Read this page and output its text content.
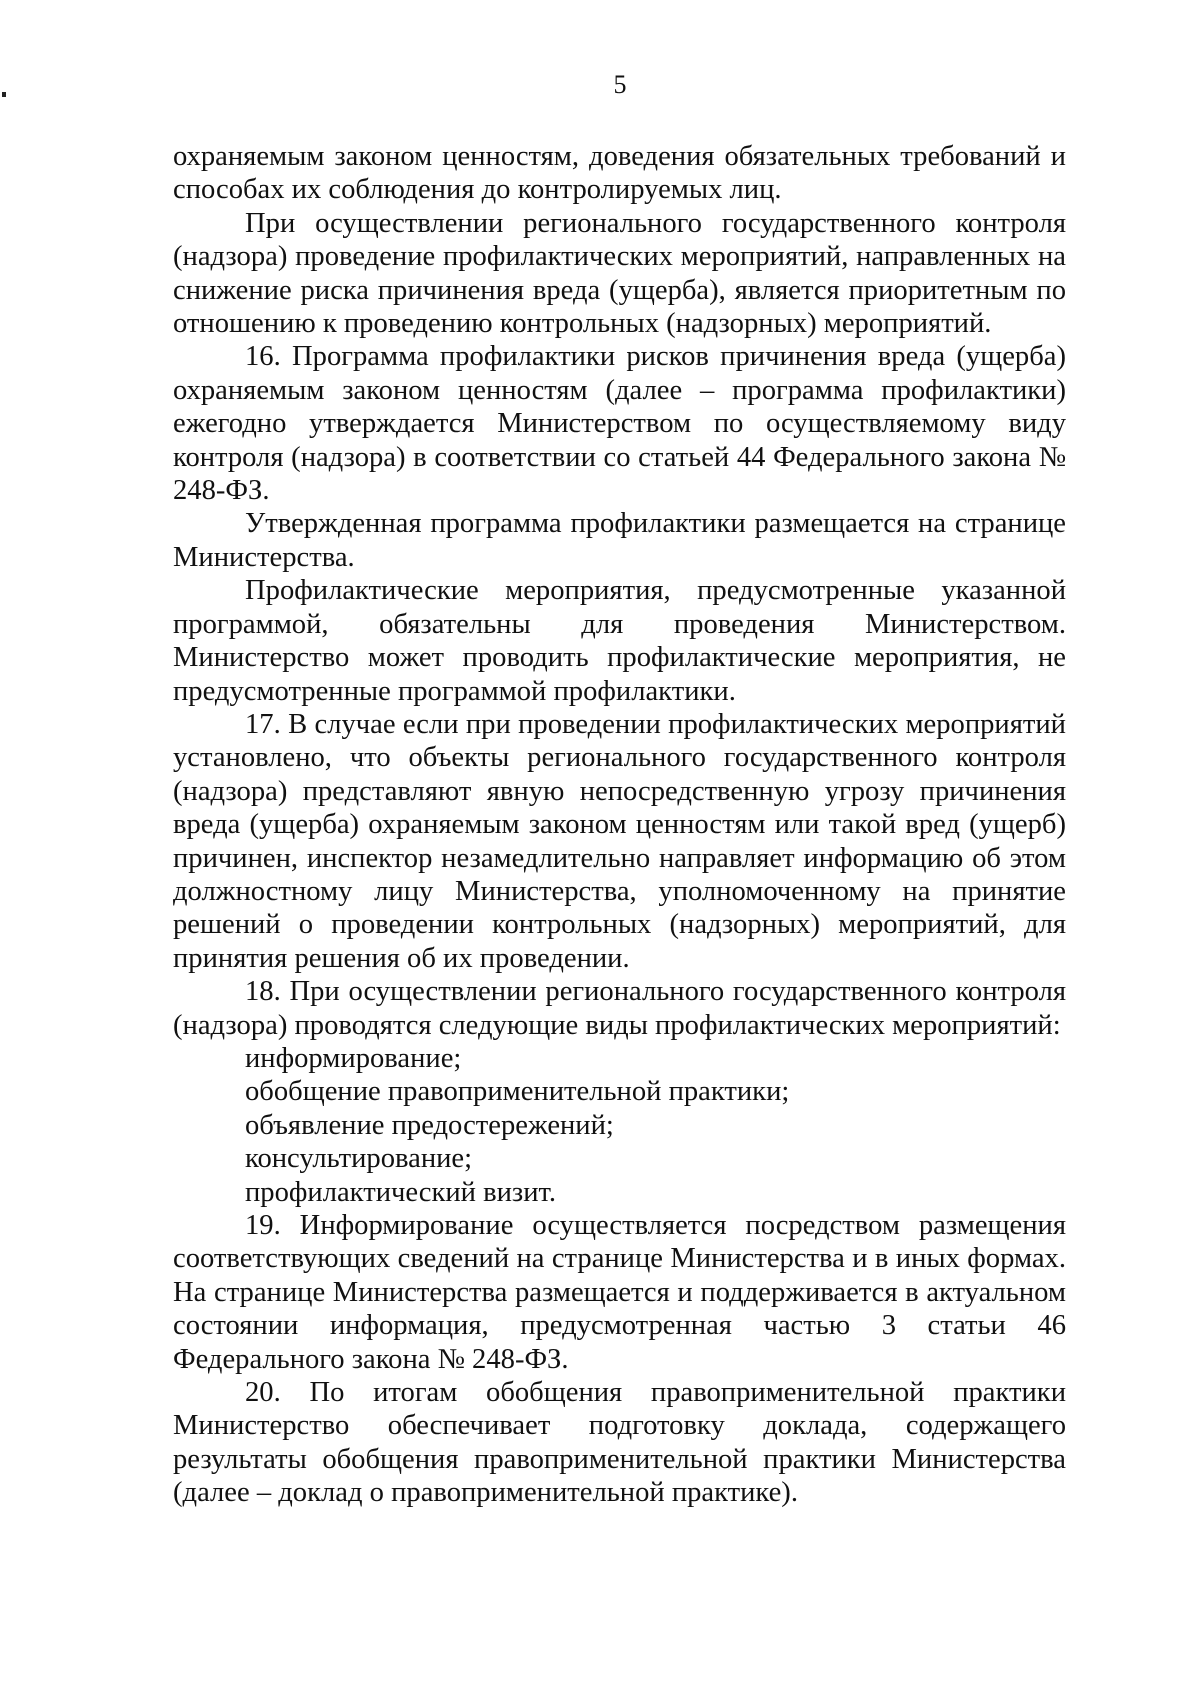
5

охраняемым законом ценностям, доведения обязательных требований и способах их соблюдения до контролируемых лиц.

При осуществлении регионального государственного контроля (надзора) проведение профилактических мероприятий, направленных на снижение риска причинения вреда (ущерба), является приоритетным по отношению к проведению контрольных (надзорных) мероприятий.

16. Программа профилактики рисков причинения вреда (ущерба) охраняемым законом ценностям (далее – программа профилактики) ежегодно утверждается Министерством по осуществляемому виду контроля (надзора) в соответствии со статьей 44 Федерального закона № 248-ФЗ.

Утвержденная программа профилактики размещается на странице Министерства.

Профилактические мероприятия, предусмотренные указанной программой, обязательны для проведения Министерством. Министерство может проводить профилактические мероприятия, не предусмотренные программой профилактики.

17. В случае если при проведении профилактических мероприятий установлено, что объекты регионального государственного контроля (надзора) представляют явную непосредственную угрозу причинения вреда (ущерба) охраняемым законом ценностям или такой вред (ущерб) причинен, инспектор незамедлительно направляет информацию об этом должностному лицу Министерства, уполномоченному на принятие решений о проведении контрольных (надзорных) мероприятий, для принятия решения об их проведении.

18. При осуществлении регионального государственного контроля (надзора) проводятся следующие виды профилактических мероприятий:

информирование;

обобщение правоприменительной практики;

объявление предостережений;

консультирование;

профилактический визит.

19. Информирование осуществляется посредством размещения соответствующих сведений на странице Министерства и в иных формах. На странице Министерства размещается и поддерживается в актуальном состоянии информация, предусмотренная частью 3 статьи 46 Федерального закона № 248-ФЗ.

20. По итогам обобщения правоприменительной практики Министерство обеспечивает подготовку доклада, содержащего результаты обобщения правоприменительной практики Министерства (далее – доклад о правоприменительной практике).
